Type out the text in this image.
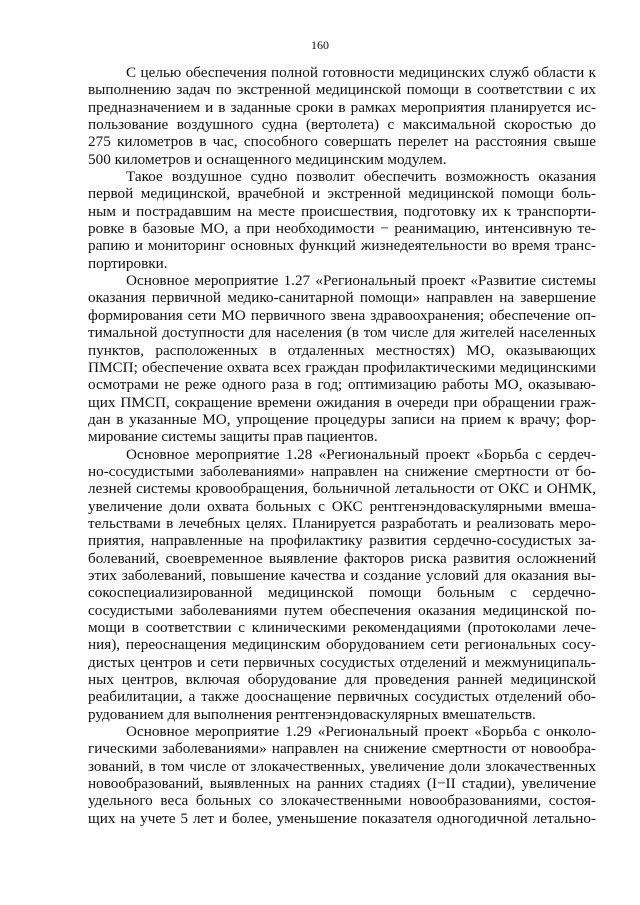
160
С целью обеспечения полной готовности медицинских служб области к
выполнению задач по экстренной медицинской помощи в соответствии с их
предназначением и в заданные сроки в рамках мероприятия планируется ис-
пользование воздушного судна (вертолета) с максимальной скоростью до
275 километров в час, способного совершать перелет на расстояния свыше
500 километров и оснащенного медицинским модулем.
Такое воздушное судно позволит обеспечить возможность оказания
первой медицинской, врачебной и экстренной медицинской помощи боль-
ным и пострадавшим на месте происшествия, подготовку их к транспорти-
ровке в базовые МО, а при необходимости − реанимацию, интенсивную те-
рапию и мониторинг основных функций жизнедеятельности во время транс-
портировки.
Основное мероприятие 1.27 «Региональный проект «Развитие системы
оказания первичной медико-санитарной помощи» направлен на завершение
формирования сети МО первичного звена здравоохранения; обеспечение оп-
тимальной доступности для населения (в том числе для жителей населенных
пунктов, расположенных в отдаленных местностях) МО, оказывающих
ПМСП; обеспечение охвата всех граждан профилактическими медицинскими
осмотрами не реже одного раза в год; оптимизацию работы МО, оказываю-
щих ПМСП, сокращение времени ожидания в очереди при обращении граж-
дан в указанные МО, упрощение процедуры записи на прием к врачу; фор-
мирование системы защиты прав пациентов.
Основное мероприятие 1.28 «Региональный проект «Борьба с сердеч-
но-сосудистыми заболеваниями» направлен на снижение смертности от бо-
лезней системы кровообращения, больничной летальности от ОКС и ОНМК,
увеличение доли охвата больных с ОКС рентгенэндоваскулярными вмеша-
тельствами в лечебных целях. Планируется разработать и реализовать меро-
приятия, направленные на профилактику развития сердечно-сосудистых за-
болеваний, своевременное выявление факторов риска развития осложнений
этих заболеваний, повышение качества и создание условий для оказания вы-
сокоспециализированной медицинской помощи больным с сердечно-
сосудистыми заболеваниями путем обеспечения оказания медицинской по-
мощи в соответствии с клиническими рекомендациями (протоколами лече-
ния), переоснащения медицинским оборудованием сети региональных сосу-
дистых центров и сети первичных сосудистых отделений и межмуниципаль-
ных центров, включая оборудование для проведения ранней медицинской
реабилитации, а также дооснащение первичных сосудистых отделений обо-
рудованием для выполнения рентгенэндоваскулярных вмешательств.
Основное мероприятие 1.29 «Региональный проект «Борьба с онколо-
гическими заболеваниями» направлен на снижение смертности от новообра-
зований, в том числе от злокачественных, увеличение доли злокачественных
новообразований, выявленных на ранних стадиях (I−II стадии), увеличение
удельного веса больных со злокачественными новообразованиями, состоя-
щих на учете 5 лет и более, уменьшение показателя одногодичной летально-
